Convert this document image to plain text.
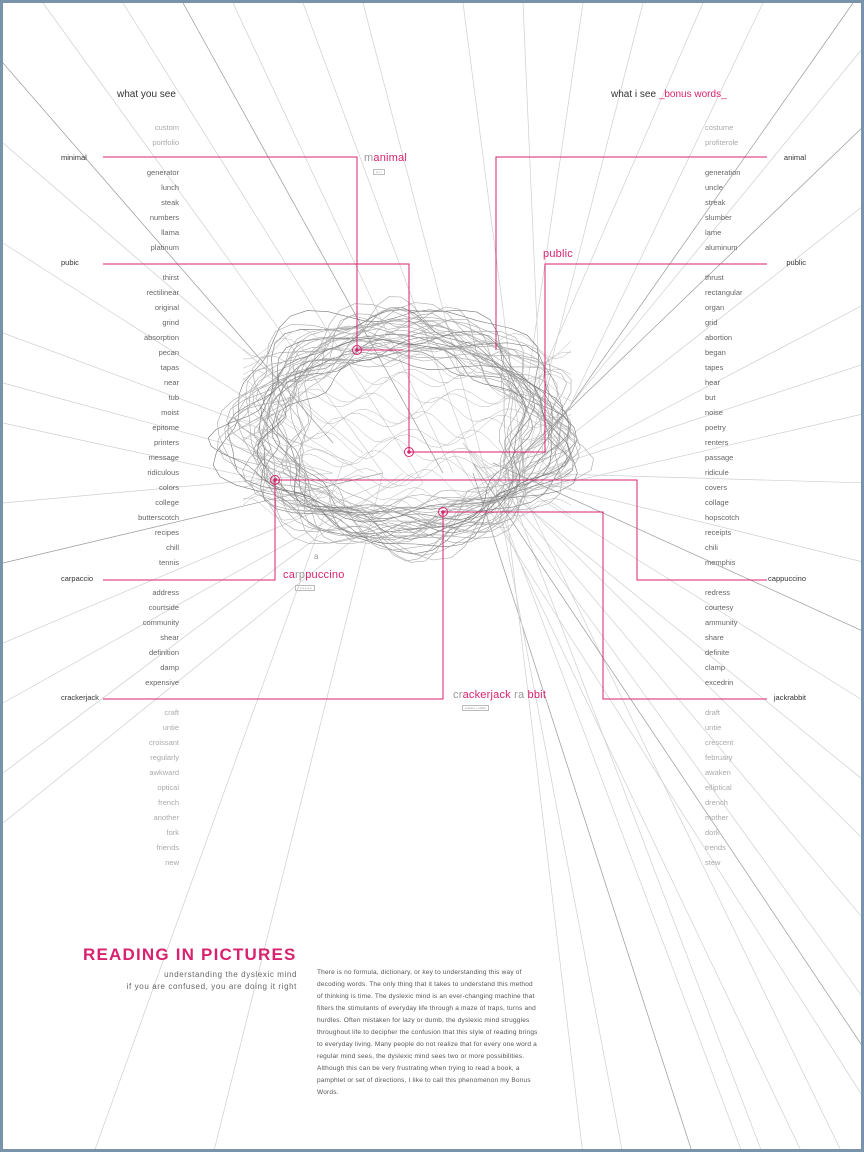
what you see	what i see _bonus words_
custom
portfolio
generator
lunch
steak
numbers
llama
platinum
thirst
rectilinear
original
grind
absorption
pecan
tapas
near
tub
moist
epitome
printers
message
ridiculous
colors
college
butterscotch
recipes
chill
tennis
address
courtside
community
shear
definition
damp
expensive
craft
untie
croissant
regularly
awkward
optical
french
another
fork
friends
new
costume
profiterole
generation
uncle
streak
slumber
lame
aluminum
thrust
rectangular
organ
grid
abortion
began
tapes
hear
but
noise
poetry
renters
passage
ridicule
covers
collage
hopscotch
receipts
chili
memphis
redress
courtesy
ammunity
share
definite
clamp
excedrin
draft
untie
crescent
february
awaken
elliptical
drench
mother
dork
trends
stew
minimal
pubic
carpaccio
crackerjack
animal
public
cappuccino
jackrabbit
manimal
a n i
public
a
carppuccino
r p a p a a
crackerjack ra bbit
cracker + rabbit
READING IN PICTURES
understanding the dyslexic mind
if you are confused, you are doing it right
There is no formula, dictionary, or key to understanding this way of decoding words. The only thing that it takes to understand this method of thinking is time. The dyslexic mind is an ever-changing machine that filters the stimulants of everyday life through a maze of traps, turns and hurdles. Often mistaken for lazy or dumb, the dyslexic mind struggles throughout life to decipher the confusion that this style of reading brings to everyday living. Many people do not realize that for every one word a regular mind sees, the dyslexic mind sees two or more possibilities. Although this can be very frustrating when trying to read a book, a pamphlet or set of directions, I like to call this phenomenon my Bonus Words.
